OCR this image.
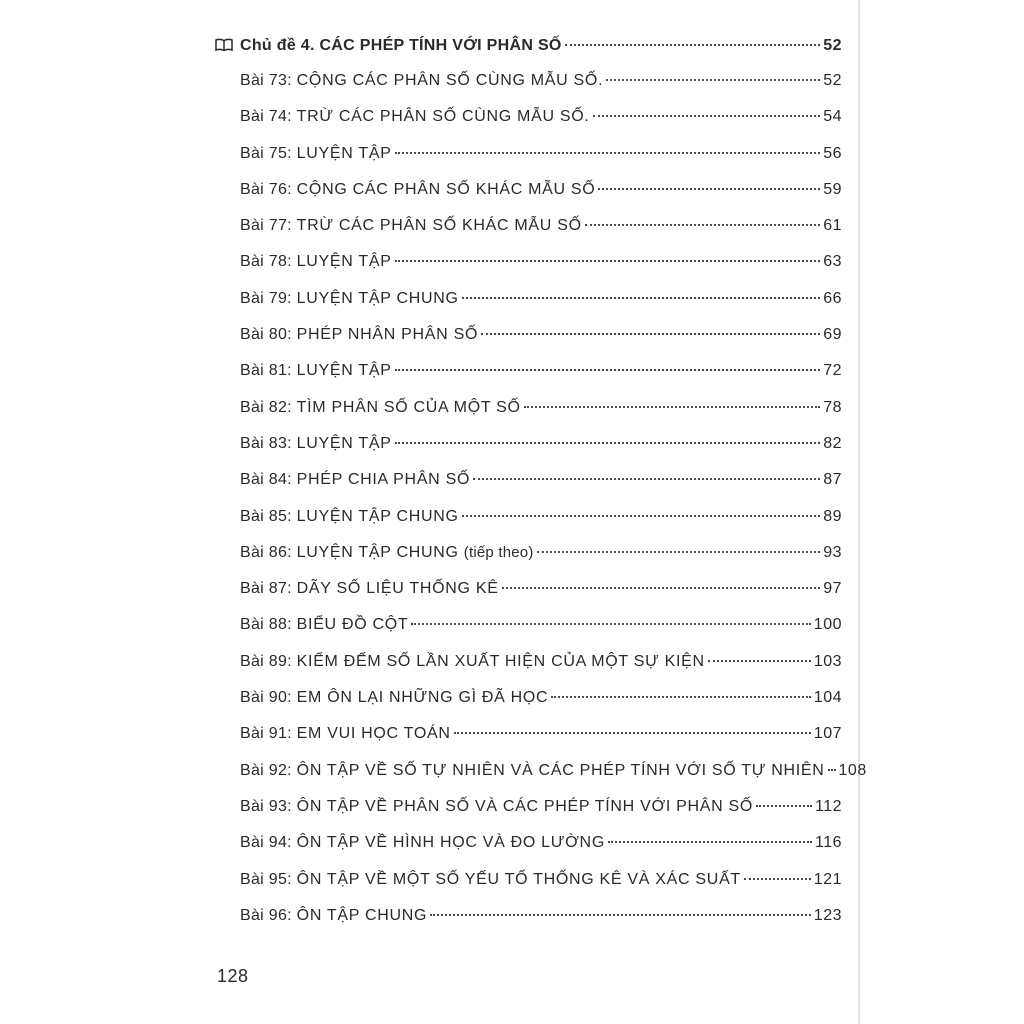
Chủ đề 4. CÁC PHÉP TÍNH VỚI PHÂN SỐ	52
Bài 73:
CỘNG CÁC PHÂN SỐ CÙNG MẪU SỐ.	52
Bài 74:
TRỪ CÁC PHÂN SỐ CÙNG MẪU SỐ.	54
Bài 75:
LUYỆN TẬP	56
Bài 76:
CỘNG CÁC PHÂN SỐ KHÁC MẪU SỐ	59
Bài 77:
TRỪ CÁC PHÂN SỐ KHÁC MẪU SỐ	61
Bài 78:
LUYỆN TẬP	63
Bài 79:
LUYỆN TẬP CHUNG	66
Bài 80:
PHÉP NHÂN PHÂN SỐ	69
Bài 81:
LUYỆN TẬP	72
Bài 82:
TÌM PHÂN SỐ CỦA MỘT SỐ	78
Bài 83:
LUYỆN TẬP	82
Bài 84:
PHÉP CHIA PHÂN SỐ	87
Bài 85:
LUYỆN TẬP CHUNG	89
Bài 86:
LUYỆN TẬP CHUNG (tiếp theo)	93
Bài 87:
DÃY SỐ LIỆU THỐNG KÊ	97
Bài 88:
BIỂU ĐỒ CỘT	100
Bài 89:
KIỂM ĐẾM SỐ LẦN XUẤT HIỆN CỦA MỘT SỰ KIỆN	103
Bài 90:
EM ÔN LẠI NHỮNG GÌ ĐÃ HỌC	104
Bài 91:
EM VUI HỌC TOÁN	107
Bài 92:
ÔN TẬP VỀ SỐ TỰ NHIÊN VÀ CÁC PHÉP TÍNH VỚI SỐ TỰ NHIÊN 108
Bài 93:
ÔN TẬP VỀ PHÂN SỐ VÀ CÁC PHÉP TÍNH VỚI PHÂN SỐ	112
Bài 94:
ÔN TẬP VỀ HÌNH HỌC VÀ ĐO LƯỜNG	116
Bài 95:
ÔN TẬP VỀ MỘT SỐ YẾU TỐ THỐNG KÊ VÀ XÁC SUẤT	121
Bài 96:
ÔN TẬP CHUNG	123
128
